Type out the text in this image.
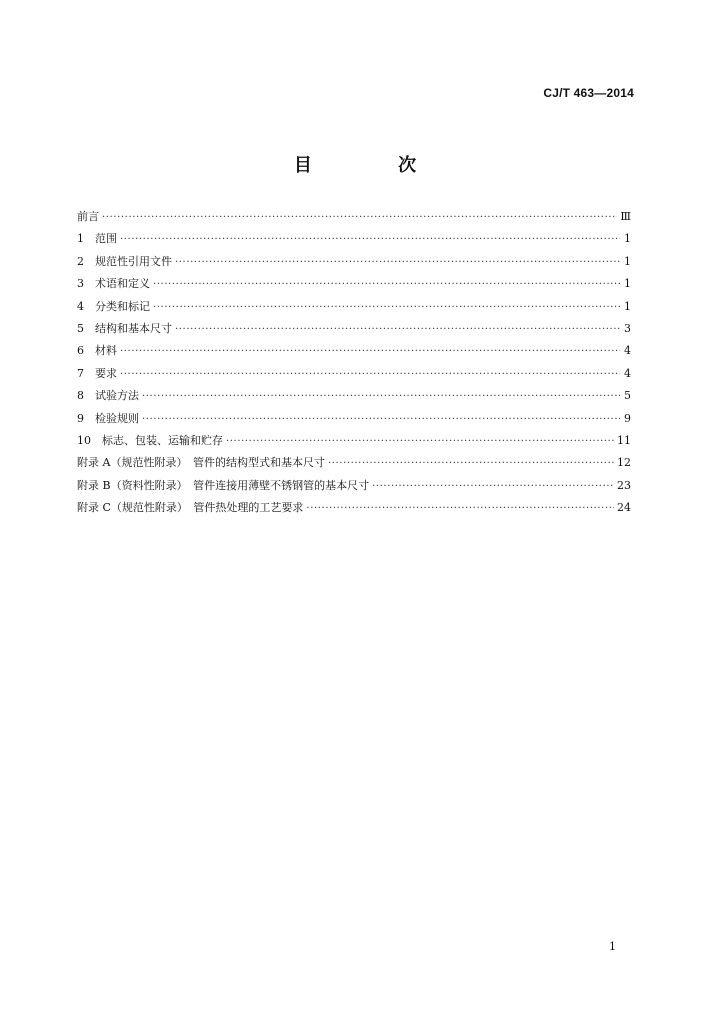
CJ/T 463—2014
目 次
前言 ·····	Ⅲ
1　范围 ·····	1
2　规范性引用文件 ·····	1
3　术语和定义 ·····	1
4　分类和标记 ·····	1
5　结构和基本尺寸 ·····	3
6　材料 ·····	4
7　要求 ·····	4
8　试验方法 ·····	5
9　检验规则 ·····	9
10　标志、包装、运输和贮存 ·····	11
附录 A（规范性附录）　管件的结构型式和基本尺寸 ·····	12
附录 B（资料性附录）　管件连接用薄壁不锈钢管的基本尺寸 ·····	23
附录 C（规范性附录）　管件热处理的工艺要求 ·····	24
1
